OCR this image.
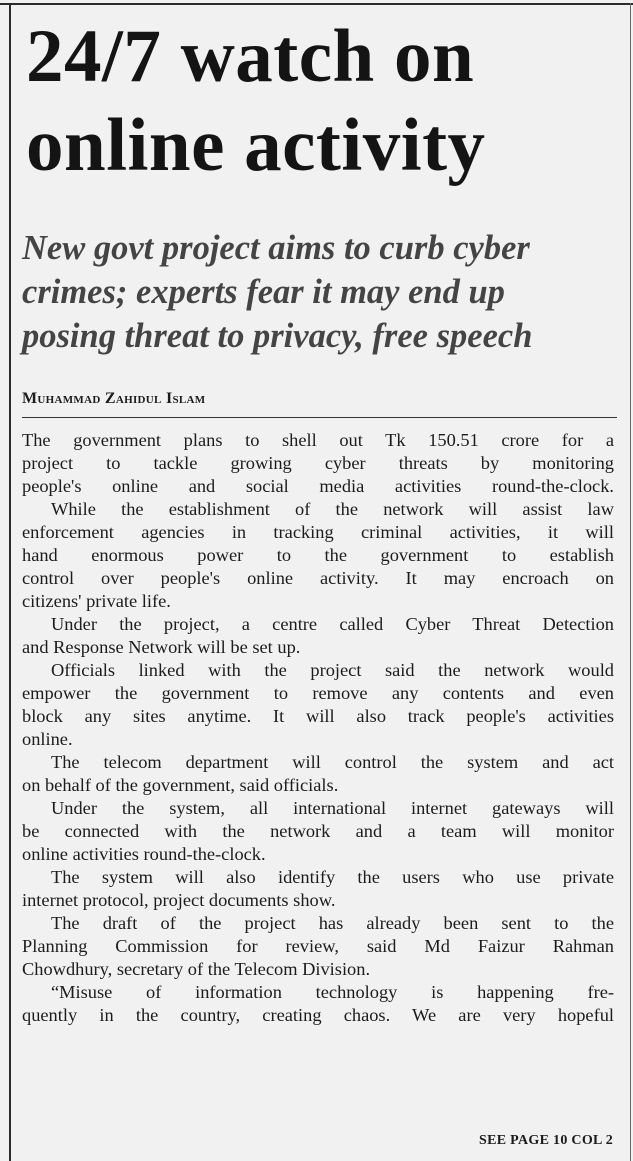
24/7 watch on
online activity
New govt project aims to curb cyber
crimes; experts fear it may end up
posing threat to privacy, free speech
Muhammad Zahidul Islam
The government plans to shell out Tk 150.51 crore for a
project to tackle growing cyber threats by monitoring
people's online and social media activities round-the-clock.
While the establishment of the network will assist law
enforcement agencies in tracking criminal activities, it will
hand enormous power to the government to establish
control over people's online activity. It may encroach on
citizens' private life.
Under the project, a centre called Cyber Threat Detection
and Response Network will be set up.
Officials linked with the project said the network would
empower the government to remove any contents and even
block any sites anytime. It will also track people's activities
online.
The telecom department will control the system and act
on behalf of the government, said officials.
Under the system, all international internet gateways will
be connected with the network and a team will monitor
online activities round-the-clock.
The system will also identify the users who use private
internet protocol, project documents show.
The draft of the project has already been sent to the
Planning Commission for review, said Md Faizur Rahman
Chowdhury, secretary of the Telecom Division.
“Misuse of information technology is happening fre-
quently in the country, creating chaos. We are very hopeful
SEE PAGE 10 COL 2
